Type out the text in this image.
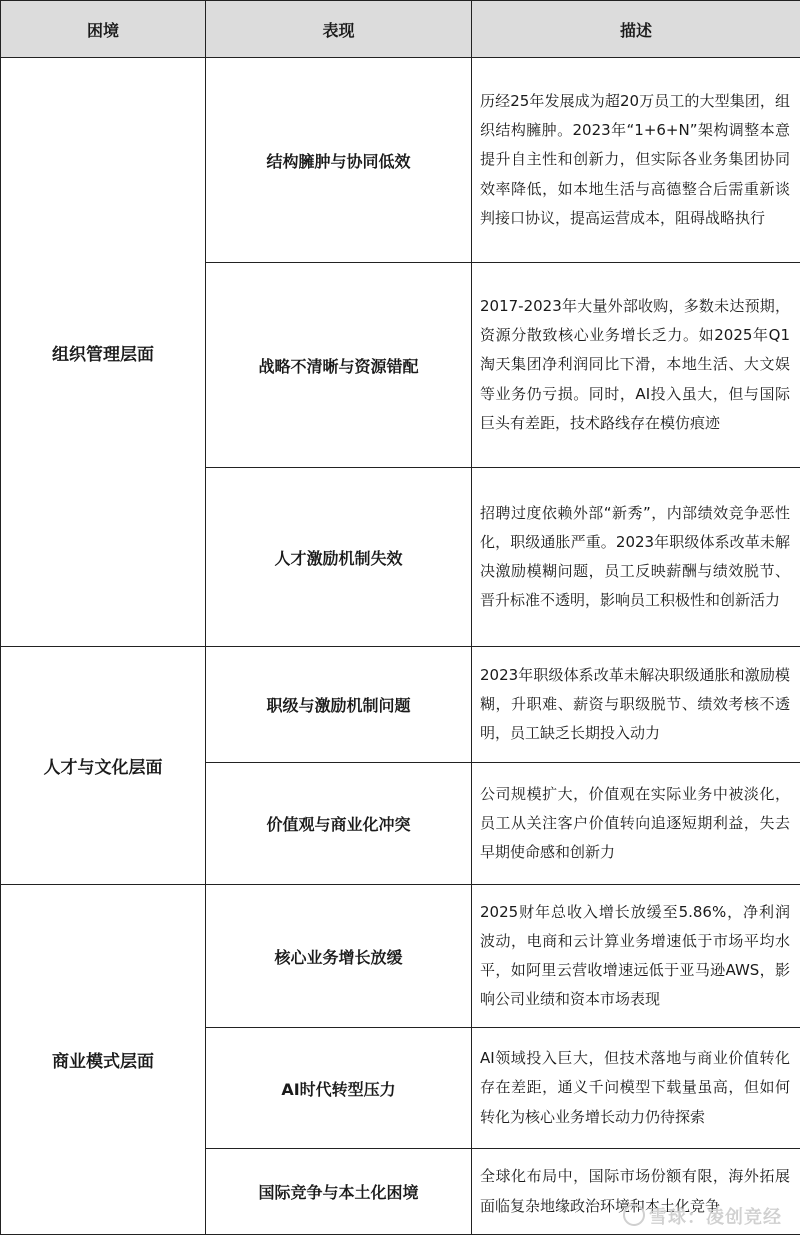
困境	表现	描述
组织管理层面	结构臃肿与协同低效	历经25年发展成为超20万员工的大型集团，组织结构臃肿。2023年“1+6+N”架构调整本意提升自主性和创新力，但实际各业务集团协同效率降低，如本地生活与高德整合后需重新谈判接口协议，提高运营成本，阻碍战略执行
	战略不清晰与资源错配	2017-2023年大量外部收购，多数未达预期，资源分散致核心业务增长乏力。如2025年Q1淘天集团净利润同比下滑，本地生活、大文娱等业务仍亏损。同时，AI投入虽大，但与国际巨头有差距，技术路线存在模仿痕迹
	人才激励机制失效	招聘过度依赖外部“新秀”，内部绩效竞争恶性化，职级通胀严重。2023年职级体系改革未解决激励模糊问题，员工反映薪酬与绩效脱节、晋升标准不透明，影响员工积极性和创新活力
人才与文化层面	职级与激励机制问题	2023年职级体系改革未解决职级通胀和激励模糊，升职难、薪资与职级脱节、绩效考核不透明，员工缺乏长期投入动力
	价值观与商业化冲突	公司规模扩大，价值观在实际业务中被淡化，员工从关注客户价值转向追逐短期利益，失去早期使命感和创新力
商业模式层面	核心业务增长放缓	2025财年总收入增长放缓至5.86%，净利润波动，电商和云计算业务增速低于市场平均水平，如阿里云营收增速远低于亚马逊AWS，影响公司业绩和资本市场表现
	AI时代转型压力	AI领域投入巨大，但技术落地与商业价值转化存在差距，通义千问模型下载量虽高，但如何转化为核心业务增长动力仍待探索
	国际竞争与本土化困境	全球化布局中，国际市场份额有限，海外拓展面临复杂地缘政治环境和本土化竞争
雪球：凌创竞经
